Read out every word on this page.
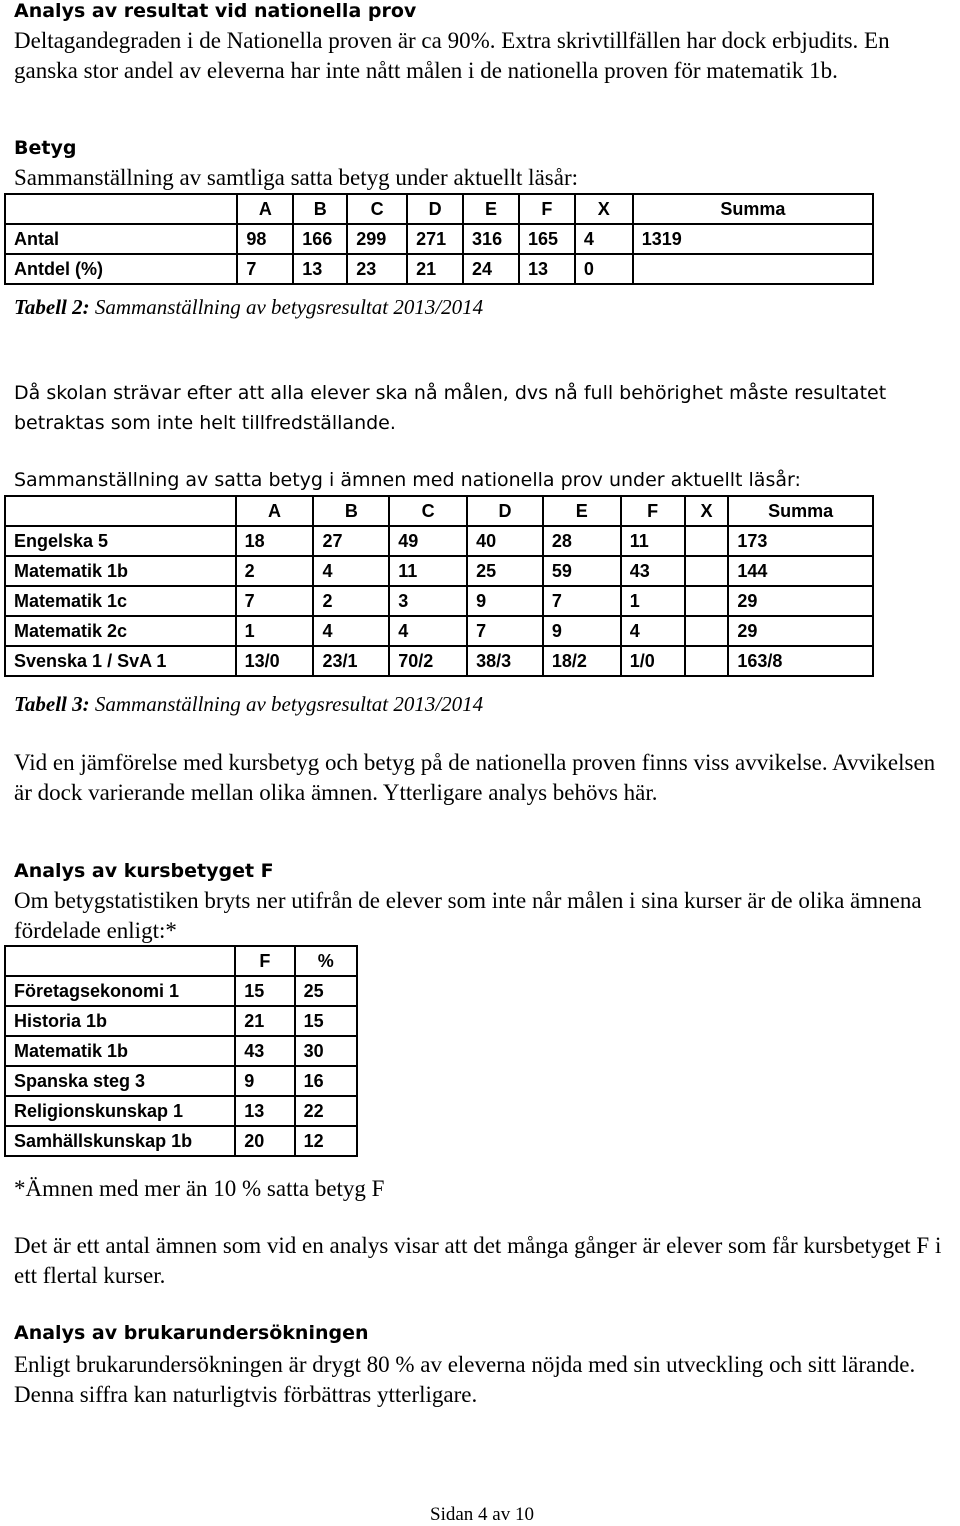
Analys av resultat vid nationella prov
Deltagandegraden i de Nationella proven är ca 90%. Extra skrivtillfällen har dock erbjudits. En ganska stor andel av eleverna har inte nått målen i de nationella proven för matematik 1b.
Betyg
Sammanställning av samtliga satta betyg under aktuellt läsår:
	A	B	C	D	E	F	X	Summa
Antal	98	166	299	271	316	165	4	1319
Antdel (%)	7	13	23	21	24	13	0	
Tabell 2: Sammanställning av betygsresultat 2013/2014
Då skolan strävar efter att alla elever ska nå målen, dvs nå full behörighet måste resultatet betraktas som inte helt tillfredställande.
Sammanställning av satta betyg i ämnen med nationella prov under aktuellt läsår:
	A	B	C	D	E	F	X	Summa
Engelska 5	18	27	49	40	28	11		173
Matematik 1b	2	4	11	25	59	43		144
Matematik 1c	7	2	3	9	7	1		29
Matematik 2c	1	4	4	7	9	4		29
Svenska 1 / SvA 1	13/0	23/1	70/2	38/3	18/2	1/0		163/8
Tabell 3: Sammanställning av betygsresultat 2013/2014
Vid en jämförelse med kursbetyg och betyg på de nationella proven finns viss avvikelse. Avvikelsen är dock varierande mellan olika ämnen. Ytterligare analys behövs här.
Analys av kursbetyget F
Om betygstatistiken bryts ner utifrån de elever som inte når målen i sina kurser är de olika ämnena fördelade enligt:*
	F	%
Företagsekonomi 1	15	25
Historia 1b	21	15
Matematik 1b	43	30
Spanska steg 3	9	16
Religionskunskap 1	13	22
Samhällskunskap 1b	20	12
*Ämnen med mer än 10 % satta betyg F
Det är ett antal ämnen som vid en analys visar att det många gånger är elever som får kursbetyget F i ett flertal kurser.
Analys av brukarundersökningen
Enligt brukarundersökningen är drygt 80 % av eleverna nöjda med sin utveckling och sitt lärande. Denna siffra kan naturligtvis förbättras ytterligare.
Sidan 4 av 10
